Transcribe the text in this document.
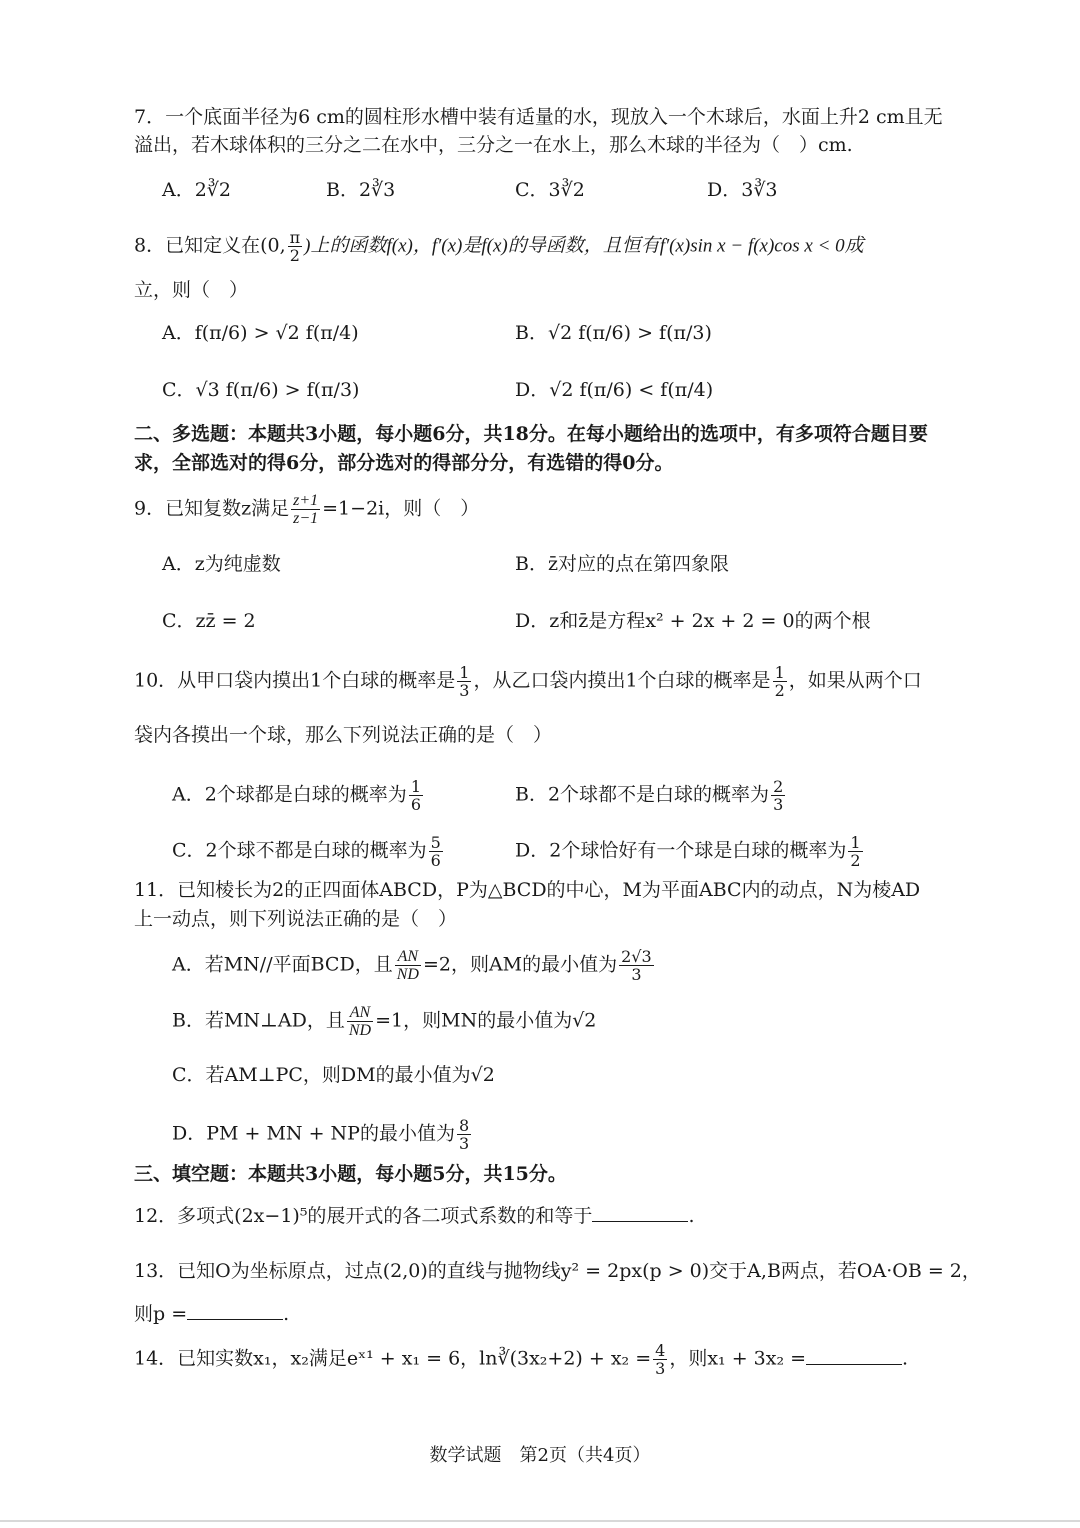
7．一个底面半径为6 cm的圆柱形水槽中装有适量的水，现放入一个木球后，水面上升2 cm且无
溢出，若木球体积的三分之二在水中，三分之一在水上，那么木球的半径为（　）cm.
A．2∛2	B．2∛3	C．3∛2	D．3∛3
8．已知定义在(0, $\frac{\pi}{2}$ )上的函数f(x)，f′(x)是f(x)的导函数，且恒有f′(x)sin x − f(x)cos x < 0成
立，则（　）
A．f(π/6) > √2 f(π/4)	B．√2 f(π/6) > f(π/3)
C．√3 f(π/6) > f(π/3)	D．√2 f(π/6) < f(π/4)
二、多选题：本题共3小题，每小题6分，共18分。在每小题给出的选项中，有多项符合题目要
求，全部选对的得6分，部分选对的得部分分，有选错的得0分。
9．已知复数z满足 $\frac{z+1}{z-1} =1-2i$，则（　）
A．z为纯虚数	B．z̄对应的点在第四象限
C．zz̄ = 2	D．z和z̄是方程x² + 2x + 2 = 0的两个根
10．从甲口袋内摸出1个白球的概率是 $\frac{1}{3}$ ，从乙口袋内摸出1个白球的概率是 $\frac{1}{2}$ ，如果从两个口
袋内各摸出一个球，那么下列说法正确的是（　）
A．2个球都是白球的概率为 $\frac{1}{6}$	B．2个球都不是白球的概率为 $\frac{2}{3}$
C．2个球不都是白球的概率为 $\frac{5}{6}$	D．2个球恰好有一个球是白球的概率为 $\frac{1}{2}$
11．已知棱长为2的正四面体ABCD，P为△BCD的中心，M为平面ABC内的动点，N为棱AD
上一动点，则下列说法正确的是（　）
A．若MN//平面BCD，且 $\frac{AN}{ND} =2$，则AM的最小值为 $\frac{2√3}{3}$
B．若MN⊥AD，且 $\frac{AN}{ND} =1$，则MN的最小值为√2
C．若AM⊥PC，则DM的最小值为√2
D．PM + MN + NP的最小值为 $\frac{8}{3}$
三、填空题：本题共3小题，每小题5分，共15分。
12．多项式(2x−1)⁵的展开式的各二项式系数的和等于	.
13．已知O为坐标原点，过点(2,0)的直线与抛物线y² = 2px(p > 0)交于A,B两点，若OA·OB = 2，
则p =	.
14．已知实数x₁，x₂满足eˣ¹ + x₁ = 6，ln∛(3x₂+2) + $x_2 = \frac{4}{3}$ ，则x₁ + 3x₂ =	.
数学试题　第2页（共4页）
